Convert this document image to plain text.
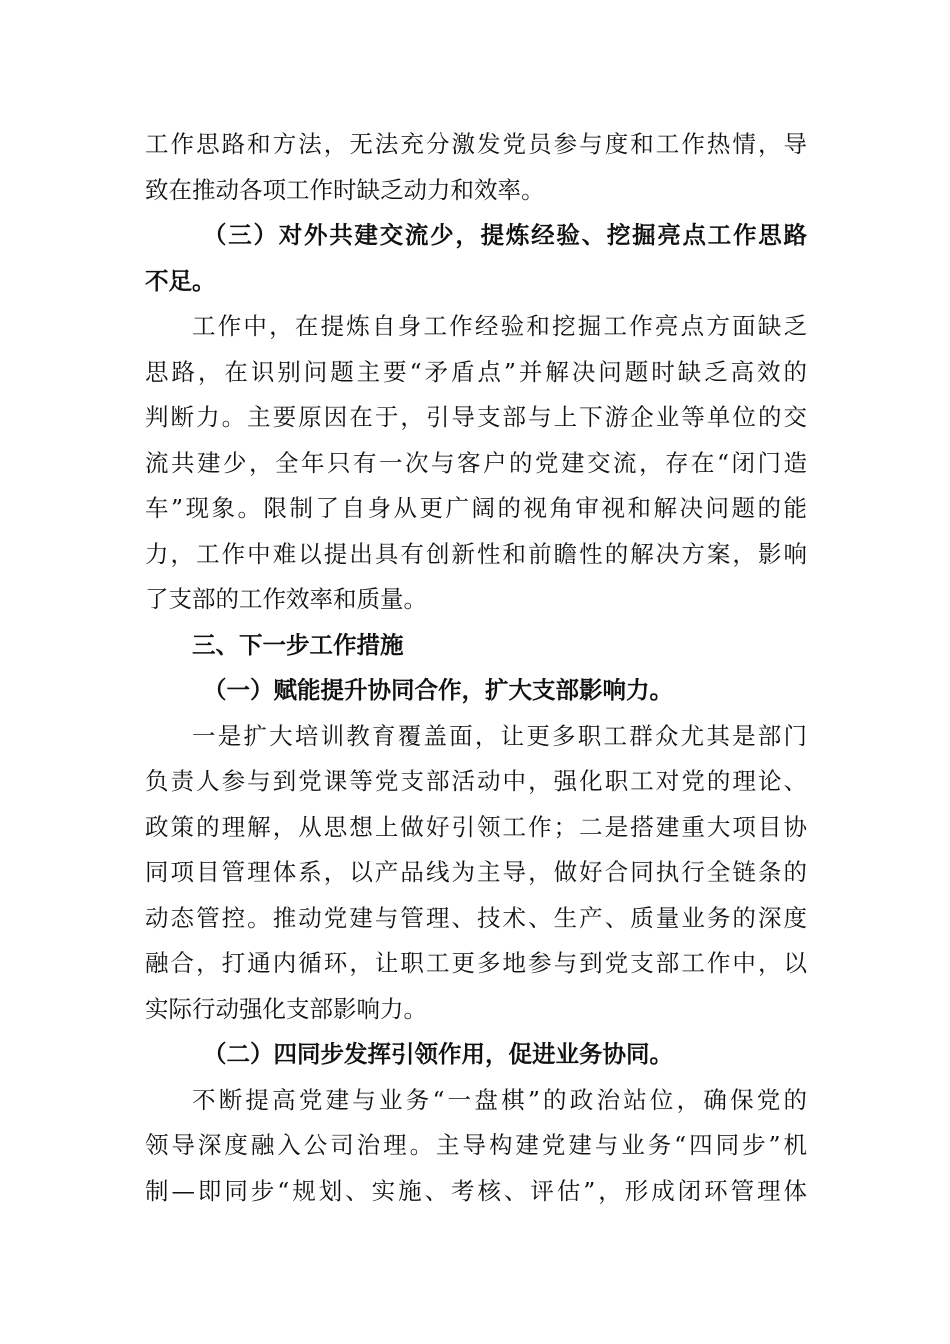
工作思路和方法，无法充分激发党员参与度和工作热情，导
致在推动各项工作时缺乏动力和效率。
（三）对外共建交流少，提炼经验、挖掘亮点工作思路
不足。
工作中，在提炼自身工作经验和挖掘工作亮点方面缺乏
思路，在识别问题主要“矛盾点”并解决问题时缺乏高效的
判断力。主要原因在于，引导支部与上下游企业等单位的交
流共建少，全年只有一次与客户的党建交流，存在“闭门造
车”现象。限制了自身从更广阔的视角审视和解决问题的能
力，工作中难以提出具有创新性和前瞻性的解决方案，影响
了支部的工作效率和质量。
三、下一步工作措施
（一）赋能提升协同合作，扩大支部影响力。
一是扩大培训教育覆盖面，让更多职工群众尤其是部门
负责人参与到党课等党支部活动中，强化职工对党的理论、
政策的理解，从思想上做好引领工作；二是搭建重大项目协
同项目管理体系，以产品线为主导，做好合同执行全链条的
动态管控。推动党建与管理、技术、生产、质量业务的深度
融合，打通内循环，让职工更多地参与到党支部工作中，以
实际行动强化支部影响力。
（二）四同步发挥引领作用，促进业务协同。
不断提高党建与业务“一盘棋”的政治站位，确保党的
领导深度融入公司治理。主导构建党建与业务“四同步”机
制—即同步“规划、实施、考核、评估”，形成闭环管理体
